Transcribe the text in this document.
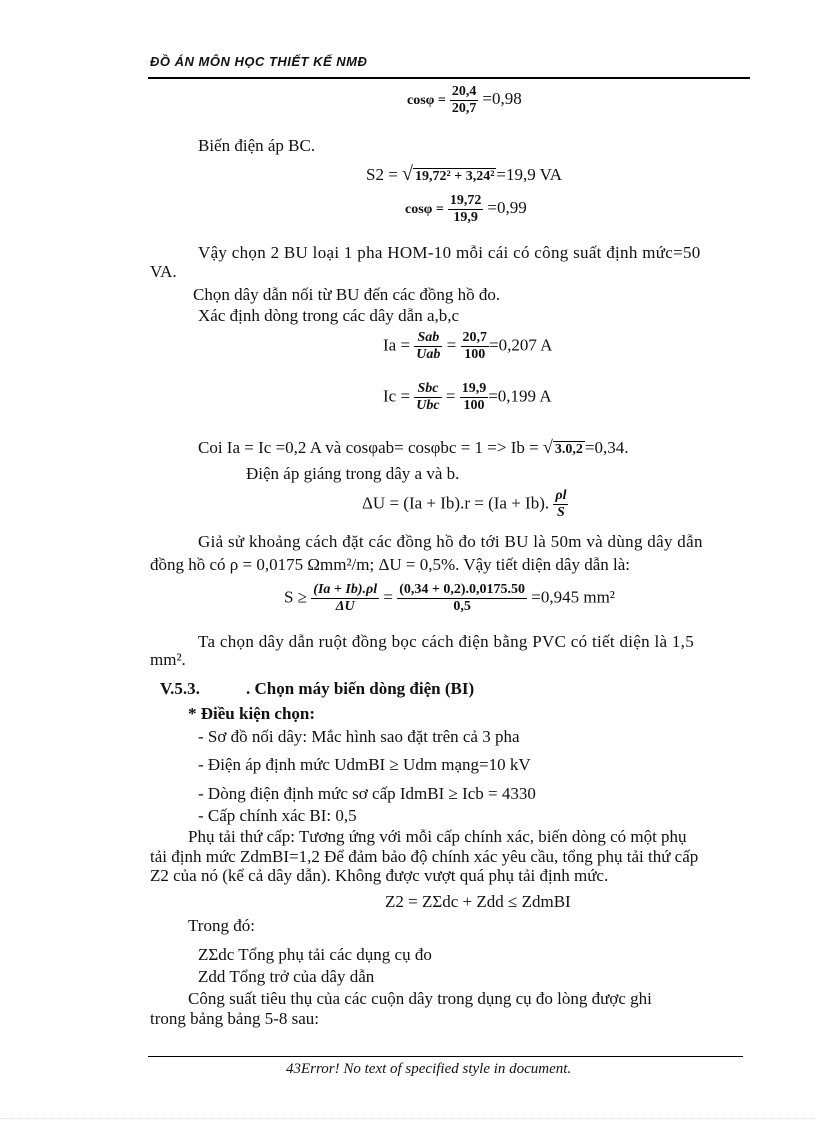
ĐỒ ÁN MÔN HỌC THIẾT KẾ NMĐ
$\cos\varphi = \frac{20,4}{20,7} =0,98$
Biến điện áp BC.
S2 = √ 19,72² + 3,24² =19,9 VA
$\cos\varphi = \frac{19,72}{19,9} =0,99$
Vậy chọn 2 BU loại 1 pha HOM-10 mỗi cái có công suất định mức=50
VA.
Chọn dây dẫn nối từ BU đến các đồng hồ đo.
Xác định dòng trong các dây dẫn a,b,c
$Ia = \frac{\text{Sab}}{\text{Uab}} = \frac{20,7}{100} =0,207$ A
$Ic = \frac{\text{Sbc}}{\text{Ubc}} = \frac{19,9}{100} =0,199$ A
Coi Ia = Ic =0,2 A và cosφab= cosφbc = 1 => Ib = √ 3.0,2 =0,34.
Điện áp giáng trong dây a và b.
ΔU = (Ia + Ib).r = (Ia + Ib). $\frac{\rho l}{S}$
Giả sử khoảng cách đặt các đồng hồ đo tới BU là 50m và dùng dây dẫn
đồng hồ có ρ = 0,0175 Ωmm²/m; ΔU = 0,5%. Vậy tiết diện dây dẫn là:
$S \ge \frac{(Ia + Ib).\rho l}{\Delta U} = \frac{(0,34 + 0,2).0,0175.50}{0,5} =0,945$ mm²
Ta chọn dây dẫn ruột đồng bọc cách điện bằng PVC có tiết diện là 1,5
mm².
V.5.3.	. Chọn máy biến dòng điện (BI)
* Điều kiện chọn:
- Sơ đồ nối dây: Mắc hình sao đặt trên cả 3 pha
- Điện áp định mức UdmBI ≥ Udm mạng=10 kV
- Dòng điện định mức sơ cấp IdmBI ≥ Icb = 4330
- Cấp chính xác BI: 0,5
Phụ tải thứ cấp: Tương ứng với mỗi cấp chính xác, biến dòng có một phụ
tải định mức ZdmBI=1,2 Để đảm bảo độ chính xác yêu cầu, tổng phụ tải thứ cấp
Z2 của nó (kể cả dây dẫn). Không được vượt quá phụ tải định mức.
Z2 = ZΣdc + Zdd ≤ ZdmBI
Trong đó:
ZΣdc Tổng phụ tải các dụng cụ đo
Zdd Tổng trở của dây dẫn
Công suất tiêu thụ của các cuộn dây trong dụng cụ đo lòng được ghi
trong bảng bảng 5-8 sau:
43Error! No text of specified style in document.
